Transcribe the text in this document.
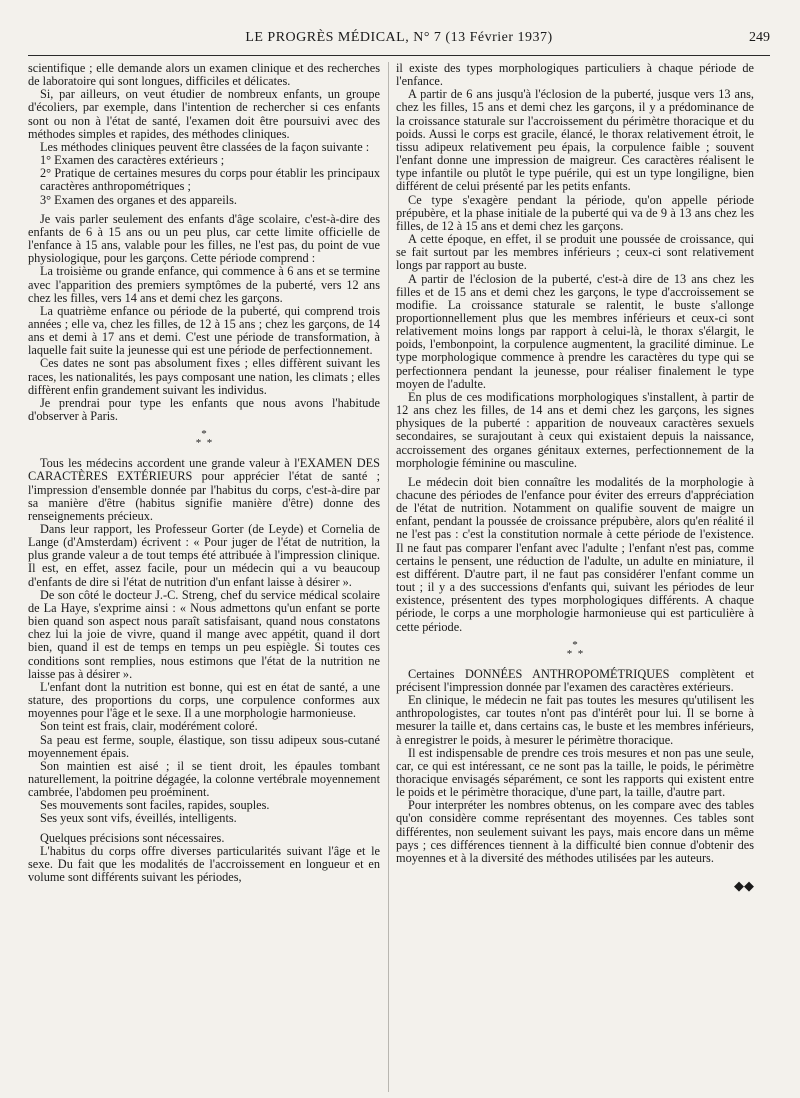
LE PROGRÈS MÉDICAL, N° 7 (13 Février 1937)	249

scientifique ; elle demande alors un examen clinique et des recherches de laboratoire qui sont longues, difficiles et délicates.

Si, par ailleurs, on veut étudier de nombreux enfants, un groupe d'écoliers, par exemple, dans l'intention de rechercher si ces enfants sont ou non à l'état de santé, l'examen doit être poursuivi avec des méthodes simples et rapides, des méthodes cliniques.

Les méthodes cliniques peuvent être classées de la façon suivante :

1° Examen des caractères extérieurs ;

2° Pratique de certaines mesures du corps pour établir les principaux caractères anthropométriques ;

3° Examen des organes et des appareils.

Je vais parler seulement des enfants d'âge scolaire, c'est-à-dire des enfants de 6 à 15 ans ou un peu plus, car cette limite officielle de l'enfance à 15 ans, valable pour les filles, ne l'est pas, du point de vue physiologique, pour les garçons. Cette période comprend :

La troisième ou grande enfance, qui commence à 6 ans et se termine avec l'apparition des premiers symptômes de la puberté, vers 12 ans chez les filles, vers 14 ans et demi chez les garçons.

La quatrième enfance ou période de la puberté, qui comprend trois années ; elle va, chez les filles, de 12 à 15 ans ; chez les garçons, de 14 ans et demi à 17 ans et demi. C'est une période de transformation, à laquelle fait suite la jeunesse qui est une période de perfectionnement.

Ces dates ne sont pas absolument fixes ; elles diffèrent suivant les races, les nationalités, les pays composant une nation, les climats ; elles diffèrent enfin grandement suivant les individus.

Je prendrai pour type les enfants que nous avons l'habitude d'observer à Paris.

*
* *

Tous les médecins accordent une grande valeur à l'EXAMEN DES CARACTÈRES EXTÉRIEURS pour apprécier l'état de santé ; l'impression d'ensemble donnée par l'habitus du corps, c'est-à-dire par sa manière d'être (habitus signifie manière d'être) donne des renseignements précieux.

Dans leur rapport, les Professeur Gorter (de Leyde) et Cornelia de Lange (d'Amsterdam) écrivent : « Pour juger de l'état de nutrition, la plus grande valeur a de tout temps été attribuée à l'impression clinique. Il est, en effet, assez facile, pour un médecin qui a vu beaucoup d'enfants de dire si l'état de nutrition d'un enfant laisse à désirer ».

De son côté le docteur J.-C. Streng, chef du service médical scolaire de La Haye, s'exprime ainsi : « Nous admettons qu'un enfant se porte bien quand son aspect nous paraît satisfaisant, quand nous constatons chez lui la joie de vivre, quand il mange avec appétit, quand il dort bien, quand il est de temps en temps un peu espiègle. Si toutes ces conditions sont remplies, nous estimons que l'état de la nutrition ne laisse pas à désirer ».

L'enfant dont la nutrition est bonne, qui est en état de santé, a une stature, des proportions du corps, une corpulence conformes aux moyennes pour l'âge et le sexe. Il a une morphologie harmonieuse.

Son teint est frais, clair, modérément coloré.

Sa peau est ferme, souple, élastique, son tissu adipeux sous-cutané moyennement épais.

Son maintien est aisé ; il se tient droit, les épaules tombant naturellement, la poitrine dégagée, la colonne vertébrale moyennement cambrée, l'abdomen peu proéminent.

Ses mouvements sont faciles, rapides, souples.

Ses yeux sont vifs, éveillés, intelligents.

Quelques précisions sont nécessaires.

L'habitus du corps offre diverses particularités suivant l'âge et le sexe. Du fait que les modalités de l'accroissement en longueur et en volume sont différents suivant les périodes,

il existe des types morphologiques particuliers à chaque période de l'enfance.

A partir de 6 ans jusqu'à l'éclosion de la puberté, jusque vers 13 ans, chez les filles, 15 ans et demi chez les garçons, il y a prédominance de la croissance staturale sur l'accroissement du périmètre thoracique et du poids. Aussi le corps est gracile, élancé, le thorax relativement étroit, le tissu adipeux relativement peu épais, la corpulence faible ; souvent l'enfant donne une impression de maigreur. Ces caractères réalisent le type infantile ou plutôt le type puérile, qui est un type longiligne, bien différent de celui présenté par les petits enfants.

Ce type s'exagère pendant la période, qu'on appelle période prépubère, et la phase initiale de la puberté qui va de 9 à 13 ans chez les filles, de 12 à 15 ans et demi chez les garçons.

A cette époque, en effet, il se produit une poussée de croissance, qui se fait surtout par les membres inférieurs ; ceux-ci sont relativement longs par rapport au buste.

A partir de l'éclosion de la puberté, c'est-à dire de 13 ans chez les filles et de 15 ans et demi chez les garçons, le type d'accroissement se modifie. La croissance staturale se ralentit, le buste s'allonge proportionnellement plus que les membres inférieurs et ceux-ci sont relativement moins longs par rapport à celui-là, le thorax s'élargit, le poids, l'embonpoint, la corpulence augmentent, la gracilité diminue. Le type morphologique commence à prendre les caractères du type qui se perfectionnera pendant la jeunesse, pour réaliser finalement le type moyen de l'adulte.

En plus de ces modifications morphologiques s'installent, à partir de 12 ans chez les filles, de 14 ans et demi chez les garçons, les signes physiques de la puberté : apparition de nouveaux caractères sexuels secondaires, se surajoutant à ceux qui existaient depuis la naissance, accroissement des organes génitaux externes, perfectionnement de la morphologie féminine ou masculine.

Le médecin doit bien connaître les modalités de la morphologie à chacune des périodes de l'enfance pour éviter des erreurs d'appréciation de l'état de nutrition. Notamment on qualifie souvent de maigre un enfant, pendant la poussée de croissance prépubère, alors qu'en réalité il ne l'est pas : c'est la constitution normale à cette période de l'existence. Il ne faut pas comparer l'enfant avec l'adulte ; l'enfant n'est pas, comme certains le pensent, une réduction de l'adulte, un adulte en miniature, il est différent. D'autre part, il ne faut pas considérer l'enfant comme un tout ; il y a des successions d'enfants qui, suivant les périodes de leur existence, présentent des types morphologiques différents. A chaque période, le corps a une morphologie harmonieuse qui est particulière à cette période.

*
* *

Certaines DONNÉES ANTHROPOMÉTRIQUES complètent et précisent l'impression donnée par l'examen des caractères extérieurs.

En clinique, le médecin ne fait pas toutes les mesures qu'utilisent les anthropologistes, car toutes n'ont pas d'intérêt pour lui. Il se borne à mesurer la taille et, dans certains cas, le buste et les membres inférieurs, à enregistrer le poids, à mesurer le périmètre thoracique.

Il est indispensable de prendre ces trois mesures et non pas une seule, car, ce qui est intéressant, ce ne sont pas la taille, le poids, le périmètre thoracique envisagés séparément, ce sont les rapports qui existent entre le poids et le périmètre thoracique, d'une part, la taille, d'autre part.

Pour interpréter les nombres obtenus, on les compare avec des tables qu'on considère comme représentant des moyennes. Ces tables sont différentes, non seulement suivant les pays, mais encore dans un même pays ; ces différences tiennent à la difficulté bien connue d'obtenir des moyennes et à la diversité des méthodes utilisées par les auteurs.

◆◆
